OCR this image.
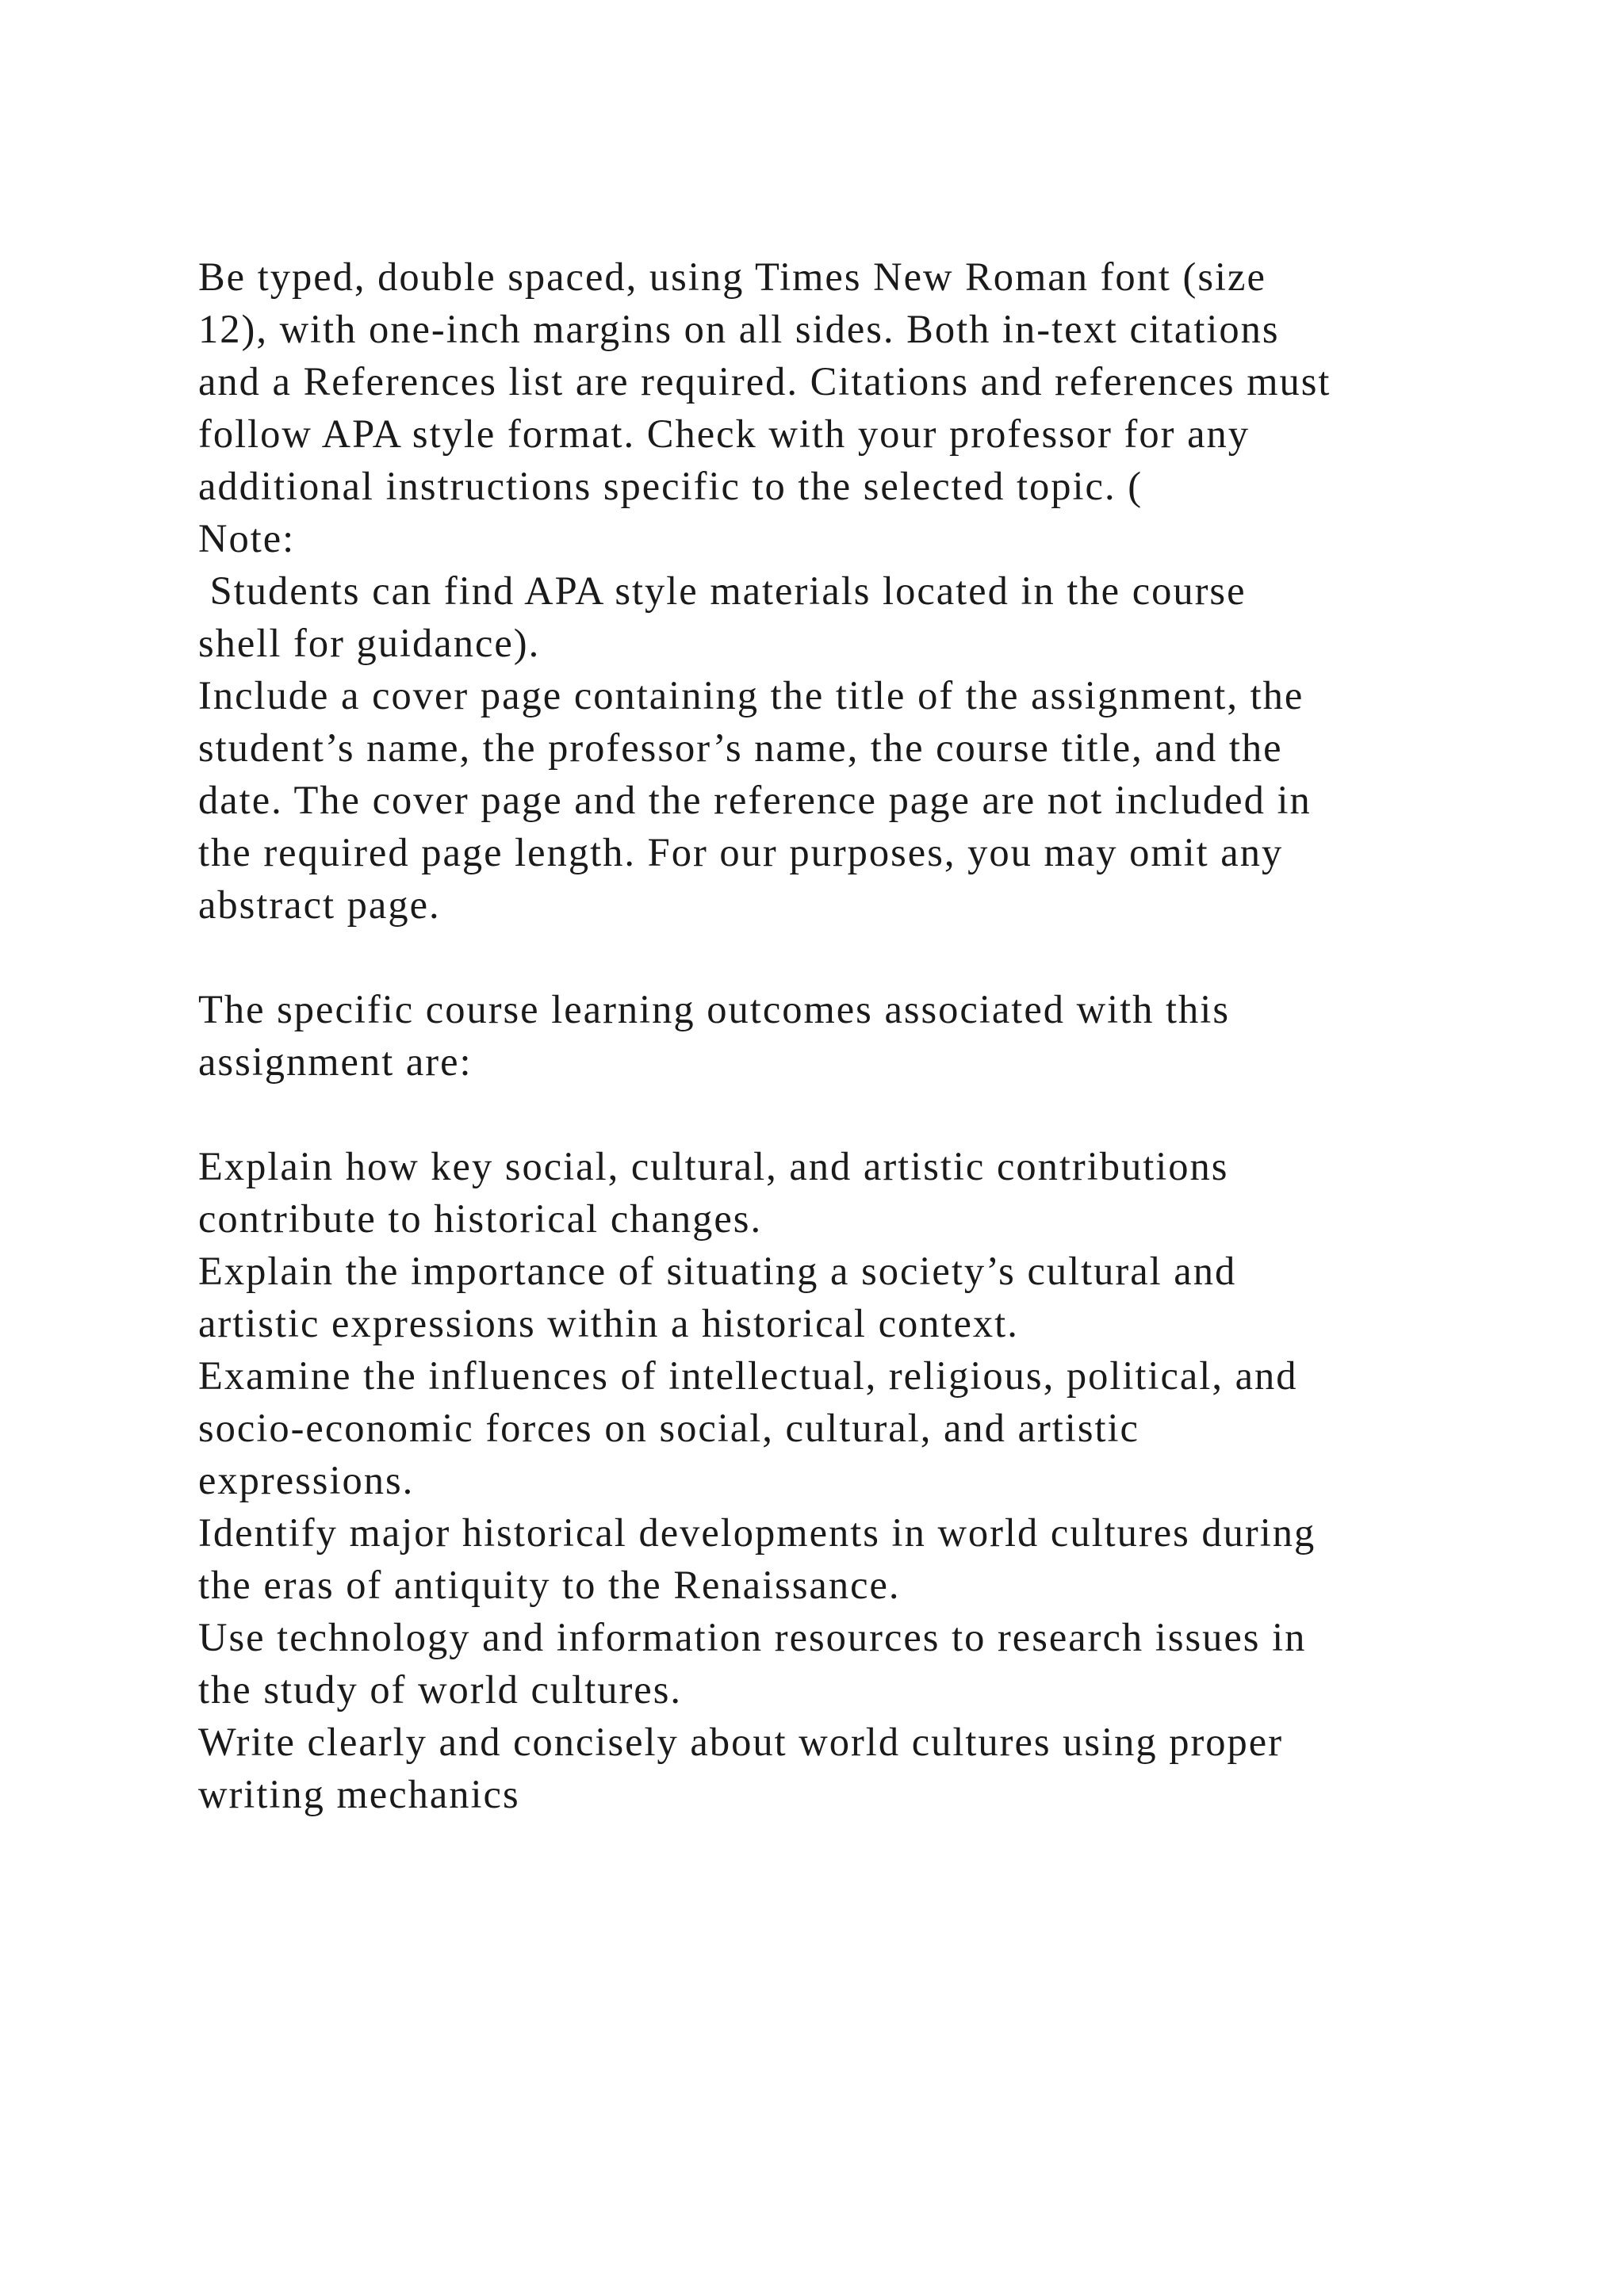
Be typed, double spaced, using Times New Roman font (size
12), with one-inch margins on all sides. Both in-text citations
and a References list are required. Citations and references must
follow APA style format. Check with your professor for any
additional instructions specific to the selected topic. (
Note:
Students can find APA style materials located in the course
shell for guidance).
Include a cover page containing the title of the assignment, the
student’s name, the professor’s name, the course title, and the
date. The cover page and the reference page are not included in
the required page length. For our purposes, you may omit any
abstract page.
The specific course learning outcomes associated with this
assignment are:
Explain how key social, cultural, and artistic contributions
contribute to historical changes.
Explain the importance of situating a society’s cultural and
artistic expressions within a historical context.
Examine the influences of intellectual, religious, political, and
socio-economic forces on social, cultural, and artistic
expressions.
Identify major historical developments in world cultures during
the eras of antiquity to the Renaissance.
Use technology and information resources to research issues in
the study of world cultures.
Write clearly and concisely about world cultures using proper
writing mechanics
